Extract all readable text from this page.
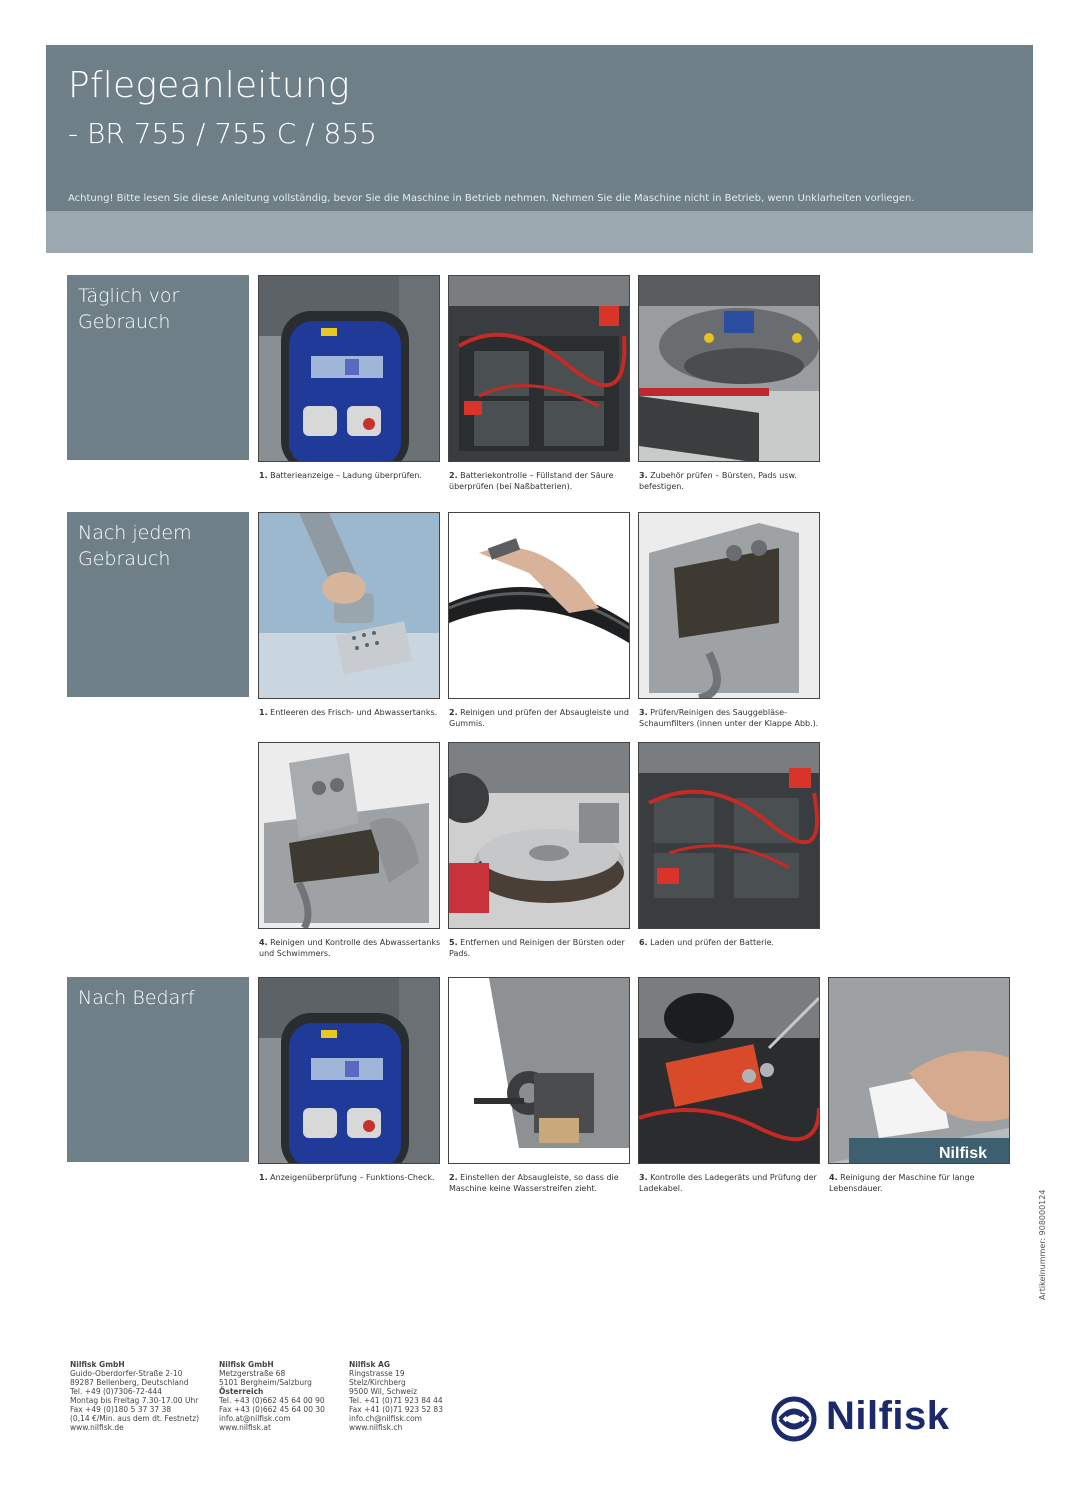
Pflegeanleitung
- BR 755 / 755 C / 855
Achtung! Bitte lesen Sie diese Anleitung vollständig, bevor Sie die Maschine in Betrieb nehmen. Nehmen Sie die Maschine nicht in Betrieb, wenn Unklarheiten vorliegen.
Täglich vor
Gebrauch
Nach jedem
Gebrauch
Nach Bedarf
Nilfisk
1. Batterieanzeige – Ladung überprüfen.	2. Batteriekontrolle – Füllstand der Säure überprüfen (bei Naßbatterien).
3. Zubehör prüfen – Bürsten, Pads usw. befestigen.
1. Entleeren des Frisch- und Abwassertanks.	2. Reinigen und prüfen der Absaugleiste und Gummis.
3. Prüfen/Reinigen des Sauggebläse-Schaumfilters (innen unter der Klappe Abb.).
4. Reinigen und Kontrolle des Abwassertanks und Schwimmers.
5. Entfernen und Reinigen der Bürsten oder Pads.
6. Laden und prüfen der Batterie.
1. Anzeigenüberprüfung – Funktions-Check.	2. Einstellen der Absaugleiste, so dass die Maschine keine Wasserstreifen zieht.
3. Kontrolle des Ladegeräts und Prüfung der Ladekabel.
4. Reinigung der Maschine für lange Lebensdauer.
Artikelnummer: 908000124
Nilfisk GmbH
Guido-Oberdorfer-Straße 2-10
89287 Bellenberg, Deutschland
Tel. +49 (0)7306-72-444
Montag bis Freitag 7.30-17.00 Uhr
Fax +49 (0)180 5 37 37 38
(0,14 €/Min. aus dem dt. Festnetz)
www.nilfisk.de
Nilfisk GmbH
Metzgerstraße 68
5101 Bergheim/Salzburg
Österreich
Tel. +43 (0)662 45 64 00 90
Fax +43 (0)662 45 64 00 30
info.at@nilfisk.com
www.nilfisk.at
Nilfisk AG
Ringstrasse 19
Stelz/Kirchberg
9500 Wil, Schweiz
Tel. +41 (0)71 923 84 44
Fax +41 (0)71 923 52 83
info.ch@nilfisk.com
www.nilfisk.ch	Nilfisk
